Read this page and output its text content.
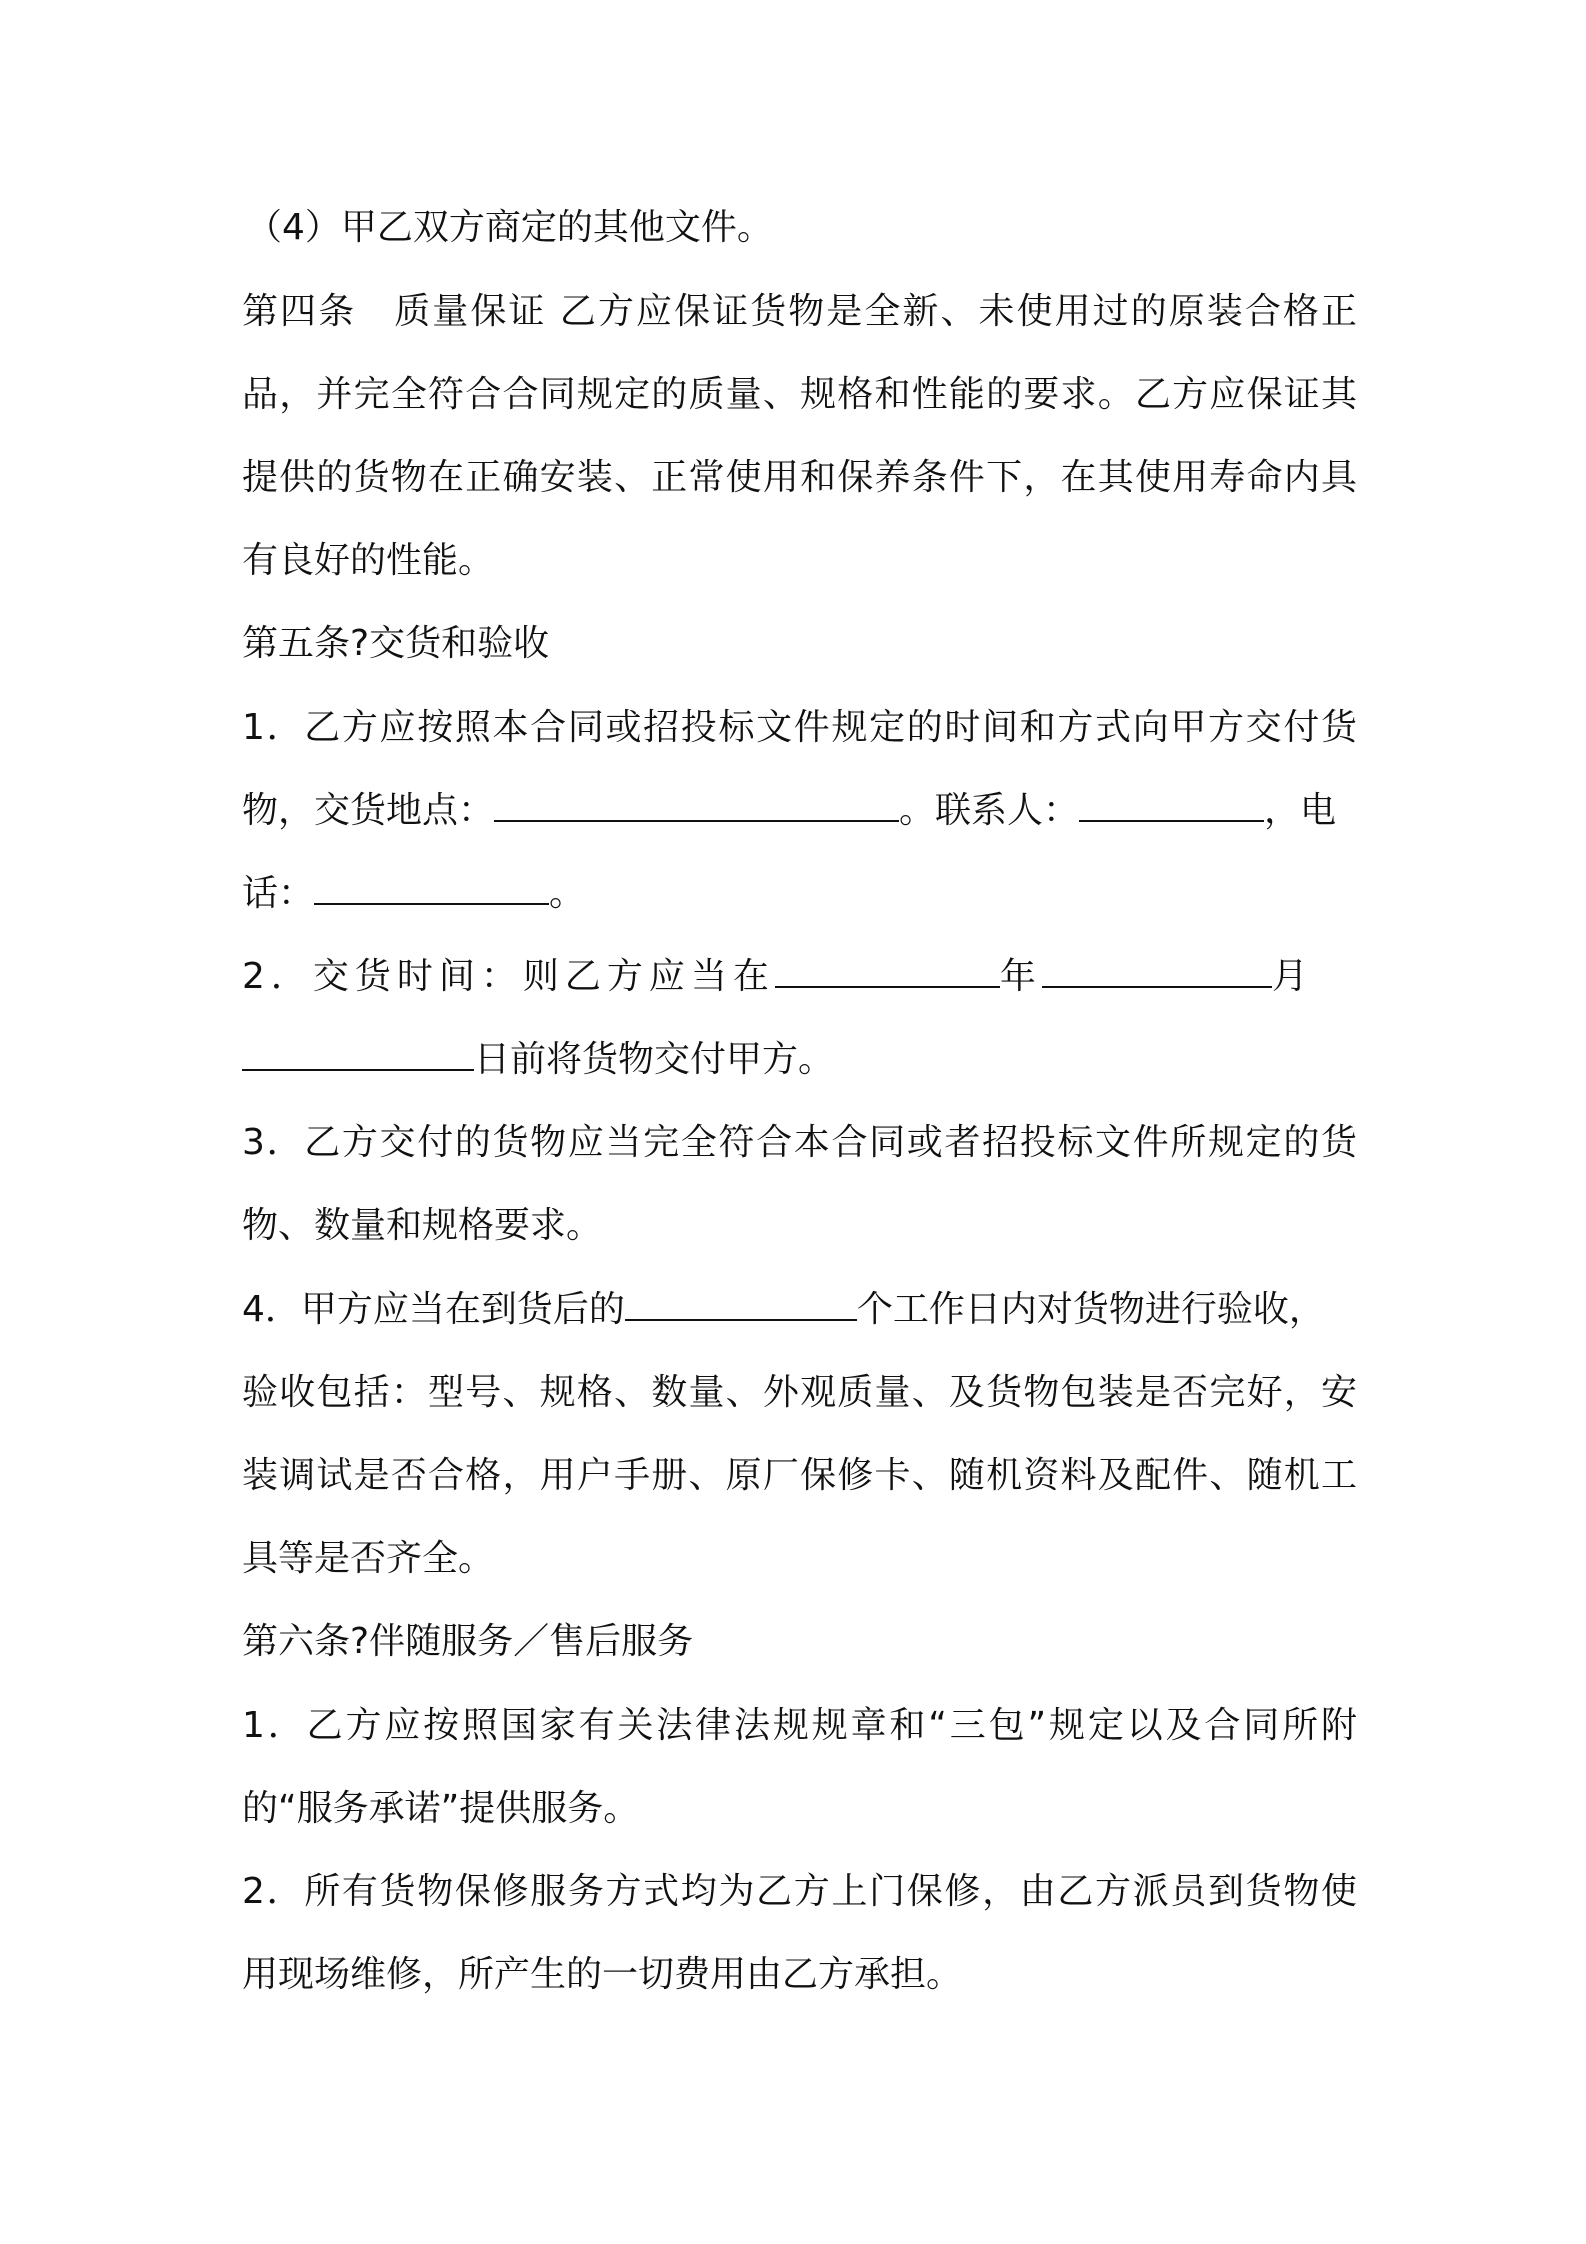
（4）甲乙双方商定的其他文件。
第四条　质量保证 乙方应保证货物是全新、未使用过的原装合格正
品，并完全符合合同规定的质量、规格和性能的要求。乙方应保证其
提供的货物在正确安装、正常使用和保养条件下，在其使用寿命内具
有良好的性能。
第五条?交货和验收
1．乙方应按照本合同或招投标文件规定的时间和方式向甲方交付货
物，交货地点：	。联系人：	，电
话：	。
2．交货时间：则乙方应当在	年	月
日前将货物交付甲方。
3．乙方交付的货物应当完全符合本合同或者招投标文件所规定的货
物、数量和规格要求。
4．甲方应当在到货后的	个工作日内对货物进行验收，
验收包括：型号、规格、数量、外观质量、及货物包装是否完好，安
装调试是否合格，用户手册、原厂保修卡、随机资料及配件、随机工
具等是否齐全。
第六条?伴随服务／售后服务
1．乙方应按照国家有关法律法规规章和“三包”规定以及合同所附
的“服务承诺”提供服务。
2．所有货物保修服务方式均为乙方上门保修，由乙方派员到货物使
用现场维修，所产生的一切费用由乙方承担。
